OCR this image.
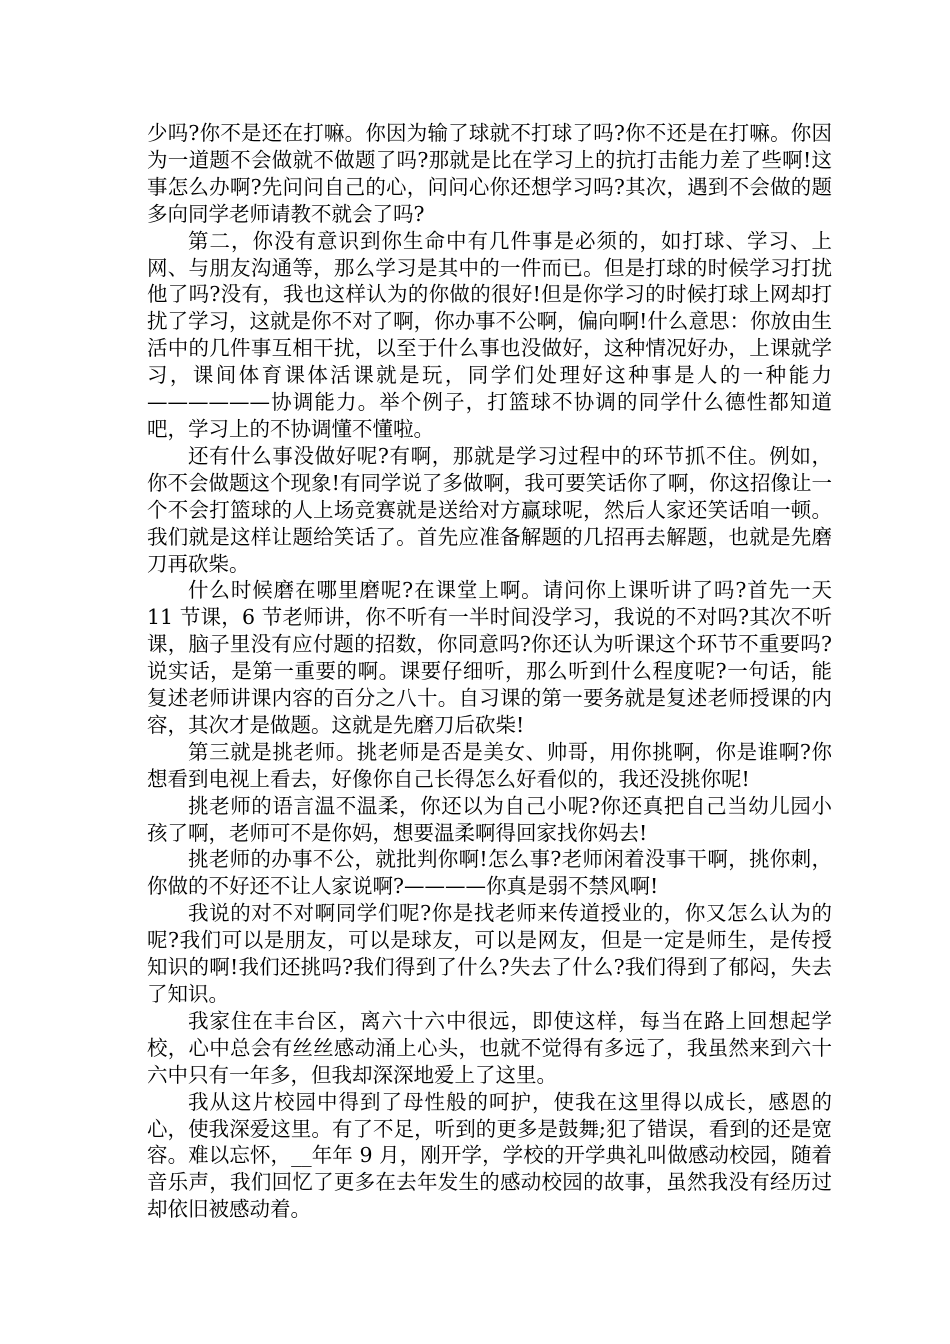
少吗?你不是还在打嘛。你因为输了球就不打球了吗?你不还是在打嘛。你因为一道题不会做就不做题了吗?那就是比在学习上的抗打击能力差了些啊!这事怎么办啊?先问问自己的心，问问心你还想学习吗?其次，遇到不会做的题多向同学老师请教不就会了吗?

第二，你没有意识到你生命中有几件事是必须的，如打球、学习、上网、与朋友沟通等，那么学习是其中的一件而已。但是打球的时候学习打扰他了吗?没有，我也这样认为的你做的很好!但是你学习的时候打球上网却打扰了学习，这就是你不对了啊，你办事不公啊，偏向啊!什么意思：你放由生活中的几件事互相干扰，以至于什么事也没做好，这种情况好办，上课就学习，课间体育课体活课就是玩，同学们处理好这种事是人的一种能力——————协调能力。举个例子，打篮球不协调的同学什么德性都知道吧，学习上的不协调懂不懂啦。

还有什么事没做好呢?有啊，那就是学习过程中的环节抓不住。例如，你不会做题这个现象!有同学说了多做啊，我可要笑话你了啊，你这招像让一个不会打篮球的人上场竞赛就是送给对方赢球呢，然后人家还笑话咱一顿。我们就是这样让题给笑话了。首先应准备解题的几招再去解题，也就是先磨刀再砍柴。

什么时候磨在哪里磨呢?在课堂上啊。请问你上课听讲了吗?首先一天 11 节课，6 节老师讲，你不听有一半时间没学习，我说的不对吗?其次不听课，脑子里没有应付题的招数，你同意吗?你还认为听课这个环节不重要吗?说实话，是第一重要的啊。课要仔细听，那么听到什么程度呢?一句话，能复述老师讲课内容的百分之八十。自习课的第一要务就是复述老师授课的内容，其次才是做题。这就是先磨刀后砍柴!

第三就是挑老师。挑老师是否是美女、帅哥，用你挑啊，你是谁啊?你想看到电视上看去，好像你自己长得怎么好看似的，我还没挑你呢!

挑老师的语言温不温柔，你还以为自己小呢?你还真把自己当幼儿园小孩了啊，老师可不是你妈，想要温柔啊得回家找你妈去!

挑老师的办事不公，就批判你啊!怎么事?老师闲着没事干啊，挑你刺，你做的不好还不让人家说啊?————你真是弱不禁风啊!

我说的对不对啊同学们呢?你是找老师来传道授业的，你又怎么认为的呢?我们可以是朋友，可以是球友，可以是网友，但是一定是师生，是传授知识的啊!我们还挑吗?我们得到了什么?失去了什么?我们得到了郁闷，失去了知识。

我家住在丰台区，离六十六中很远，即使这样，每当在路上回想起学校，心中总会有丝丝感动涌上心头，也就不觉得有多远了，我虽然来到六十六中只有一年多，但我却深深地爱上了这里。

我从这片校园中得到了母性般的呵护，使我在这里得以成长，感恩的心，使我深爱这里。有了不足，听到的更多是鼓舞;犯了错误，看到的还是宽容。难以忘怀，__年年 9 月，刚开学，学校的开学典礼叫做感动校园，随着音乐声，我们回忆了更多在去年发生的感动校园的故事，虽然我没有经历过却依旧被感动着。
